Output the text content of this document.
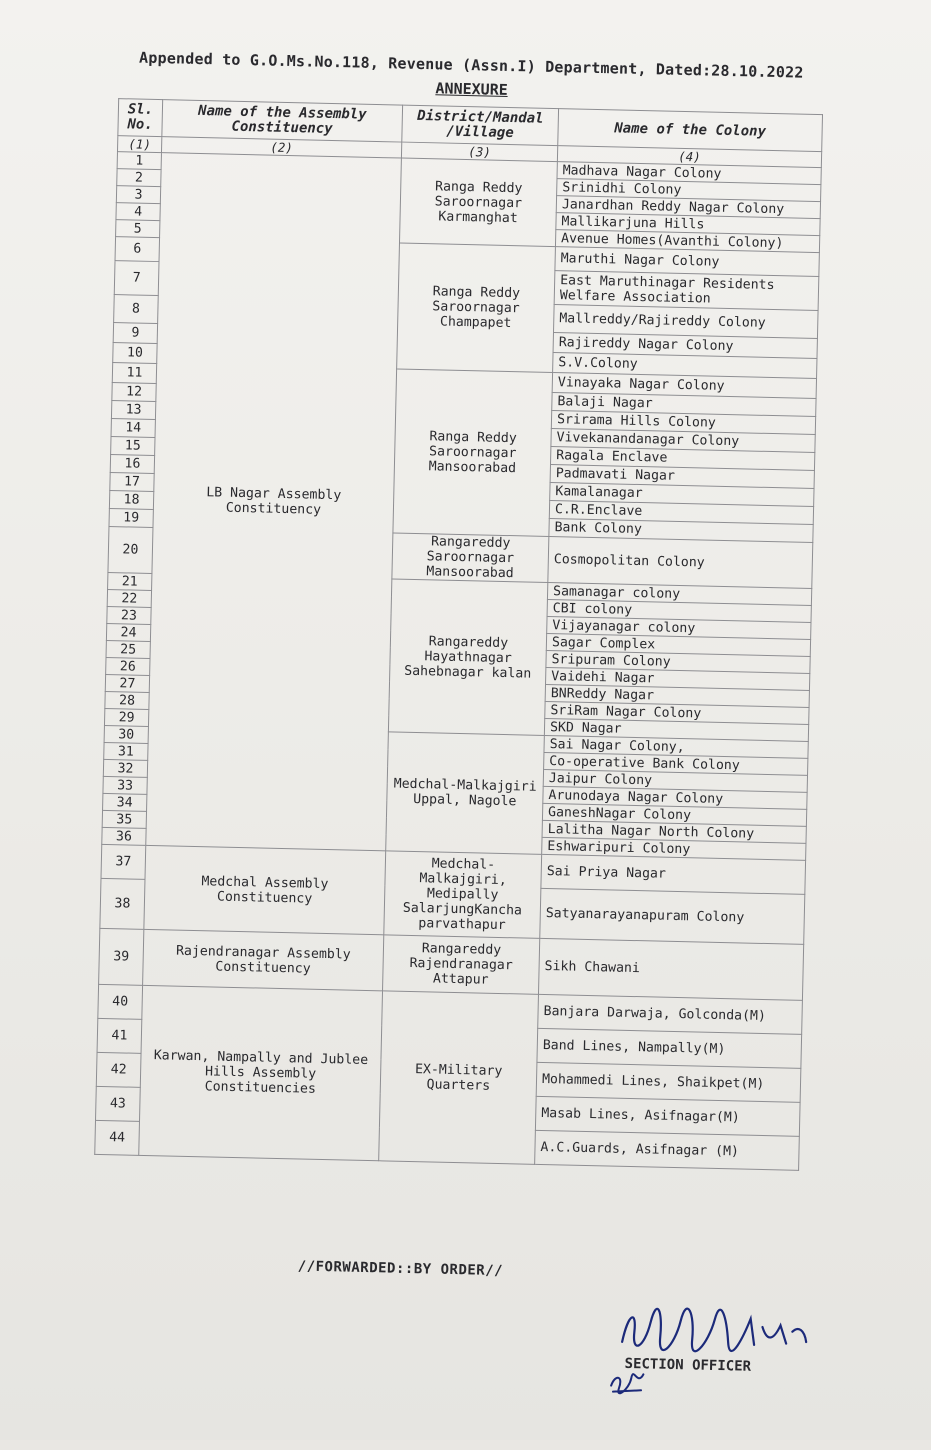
Appended to G.O.Ms.No.118, Revenue (Assn.I) Department, Dated:28.10.2022
ANNEXURE
Sl. No.	Name of the Assembly Constituency	District/Mandal /Village	Name of the Colony
(1)	(2)	(3)	(4)
1	LB Nagar Assembly Constituency	Ranga Reddy Saroornagar Karmanghat	Madhava Nagar Colony
2			Srinidhi Colony
3			Janardhan Reddy Nagar Colony
4			Mallikarjuna Hills
5			Avenue Homes(Avanthi Colony)
6		Ranga Reddy Saroornagar Champapet	Maruthi Nagar Colony
7			East Maruthinagar Residents Welfare Association
8			Mallreddy/Rajireddy Colony
9			Rajireddy Nagar Colony
10			S.V.Colony
11		Ranga Reddy Saroornagar Mansoorabad	Vinayaka Nagar Colony
12			Balaji Nagar
13			Srirama Hills Colony
14			Vivekanandanagar Colony
15			Ragala Enclave
16			Padmavati Nagar
17			Kamalanagar
18			C.R.Enclave
19			Bank Colony
20		Rangareddy Saroornagar Mansoorabad	Cosmopolitan Colony
21		Rangareddy Hayathnagar Sahebnagar kalan	Samanagar colony
22			CBI colony
23			Vijayanagar colony
24			Sagar Complex
25			Sripuram Colony
26			Vaidehi Nagar
27			BNReddy Nagar
28			SriRam Nagar Colony
29			SKD Nagar
30		Medchal-Malkajgiri Uppal, Nagole	Sai Nagar Colony,
31			Co-operative Bank Colony
32			Jaipur Colony
33			Arunodaya Nagar Colony
34			GaneshNagar Colony
35			Lalitha Nagar North Colony
36			Eshwaripuri Colony
37	Medchal Assembly Constituency	Medchal-Malkajgiri, Medipally SalarjungKancha parvathapur	Sai Priya Nagar
38			Satyanarayanapuram Colony
39	Rajendranagar Assembly Constituency	Rangareddy Rajendranagar Attapur	Sikh Chawani
40	Karwan, Nampally and Jublee Hills Assembly Constituencies	EX-Military Quarters	Banjara Darwaja, Golconda(M)
41			Band Lines, Nampally(M)
42			Mohammedi Lines, Shaikpet(M)
43			Masab Lines, Asifnagar(M)
44			A.C.Guards, Asifnagar (M)
//FORWARDED::BY ORDER//
SECTION OFFICER
